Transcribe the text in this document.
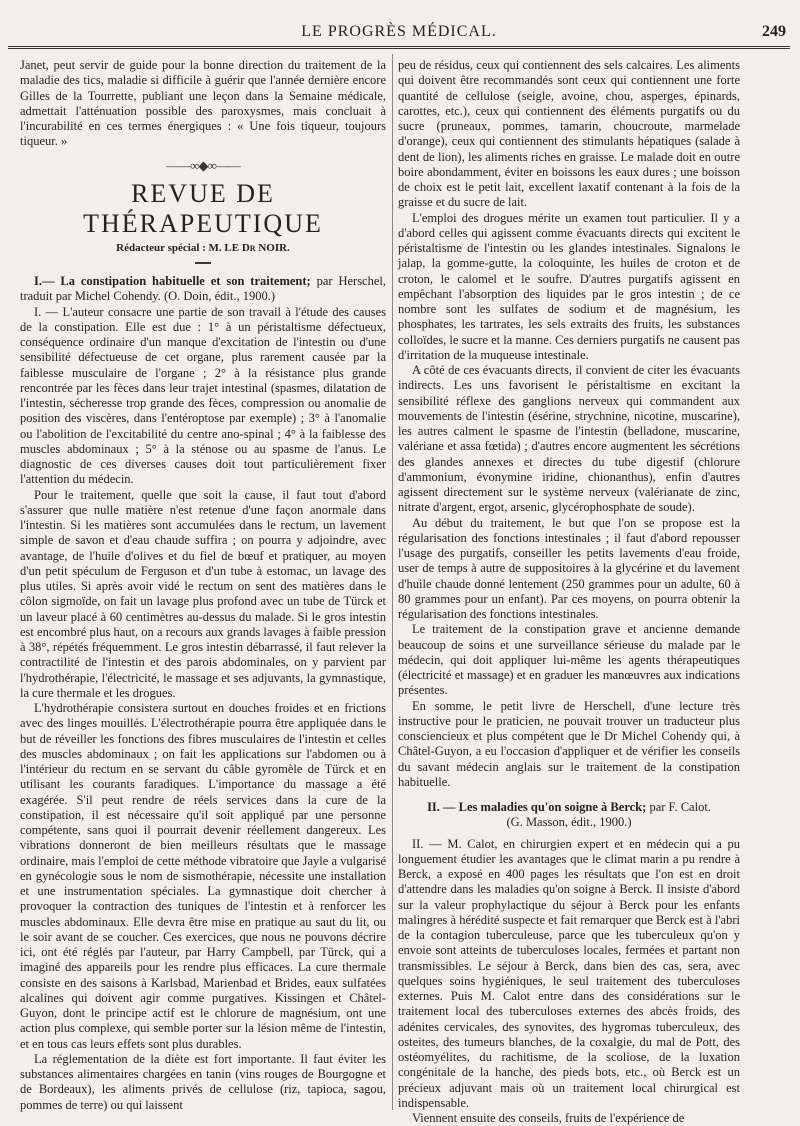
LE PROGRÈS MÉDICAL.	249

Janet, peut servir de guide pour la bonne direction du traitement de la maladie des tics, maladie si difficile à guérir que l'année dernière encore Gilles de la Tourrette, publiant une leçon dans la Semaine médicale, admettait l'atténuation possible des paroxysmes, mais concluait à l'incurabilité en ces termes énergiques : « Une fois tiqueur, toujours tiqueur. »

——∞◆∞——
REVUE DE THÉRAPEUTIQUE
Rédacteur spécial : M. LE Dr NOIR.

I.— La constipation habituelle et son traitement; par Herschel, traduit par Michel Cohendy. (O. Doin, édit., 1900.)

I. — L'auteur consacre une partie de son travail à l'étude des causes de la constipation. Elle est due : 1° à un péristaltisme défectueux, conséquence ordinaire d'un manque d'excitation de l'intestin ou d'une sensibilité défectueuse de cet organe, plus rarement causée par la faiblesse musculaire de l'organe ; 2° à la résistance plus grande rencontrée par les fèces dans leur trajet intestinal (spasmes, dilatation de l'intestin, sécheresse trop grande des fèces, compression ou anomalie de position des viscères, dans l'entéroptose par exemple) ; 3° à l'anomalie ou l'abolition de l'excitabilité du centre ano-spinal ; 4° à la faiblesse des muscles abdominaux ; 5° à la sténose ou au spasme de l'anus. Le diagnostic de ces diverses causes doit tout particulièrement fixer l'attention du médecin.

Pour le traitement, quelle que soit la cause, il faut tout d'abord s'assurer que nulle matière n'est retenue d'une façon anormale dans l'intestin. Si les matières sont accumulées dans le rectum, un lavement simple de savon et d'eau chaude suffira ; on pourra y adjoindre, avec avantage, de l'huile d'olives et du fiel de bœuf et pratiquer, au moyen d'un petit spéculum de Ferguson et d'un tube à estomac, un lavage des plus utiles. Si après avoir vidé le rectum on sent des matières dans le côlon sigmoïde, on fait un lavage plus profond avec un tube de Türck et un laveur placé à 60 centimètres au-dessus du malade. Si le gros intestin est encombré plus haut, on a recours aux grands lavages à faible pression à 38°, répétés fréquemment. Le gros intestin débarrassé, il faut relever la contractilité de l'intestin et des parois abdominales, on y parvient par l'hydrothérapie, l'électricité, le massage et ses adjuvants, la gymnastique, la cure thermale et les drogues.

L'hydrothérapie consistera surtout en douches froides et en frictions avec des linges mouillés. L'électrothérapie pourra être appliquée dans le but de réveiller les fonctions des fibres musculaires de l'intestin et celles des muscles abdominaux ; on fait les applications sur l'abdomen ou à l'intérieur du rectum en se servant du câble gyromèle de Türck et en utilisant les courants faradiques. L'importance du massage a été exagérée. S'il peut rendre de réels services dans la cure de la constipation, il est nécessaire qu'il soit appliqué par une personne compétente, sans quoi il pourrait devenir réellement dangereux. Les vibrations donneront de bien meilleurs résultats que le massage ordinaire, mais l'emploi de cette méthode vibratoire que Jayle a vulgarisé en gynécologie sous le nom de sismothérapie, nécessite une installation et une instrumentation spéciales. La gymnastique doit chercher à provoquer la contraction des tuniques de l'intestin et à renforcer les muscles abdominaux. Elle devra être mise en pratique au saut du lit, ou le soir avant de se coucher. Ces exercices, que nous ne pouvons décrire ici, ont été réglés par l'auteur, par Harry Campbell, par Türck, qui a imaginé des appareils pour les rendre plus efficaces. La cure thermale consiste en des saisons à Karlsbad, Marienbad et Brides, eaux sulfatées alcalines qui doivent agir comme purgatives. Kissingen et Châtel-Guyon, dont le principe actif est le chlorure de magnésium, ont une action plus complexe, qui semble porter sur la lésion même de l'intestin, et en tous cas leurs effets sont plus durables.

La réglementation de la diète est fort importante. Il faut éviter les substances alimentaires chargées en tanin (vins rouges de Bourgogne et de Bordeaux), les aliments privés de cellulose (riz, tapioca, sagou, pommes de terre) ou qui laissent

peu de résidus, ceux qui contiennent des sels calcaires. Les aliments qui doivent être recommandés sont ceux qui contiennent une forte quantité de cellulose (seigle, avoine, chou, asperges, épinards, carottes, etc.), ceux qui contiennent des éléments purgatifs ou du sucre (pruneaux, pommes, tamarin, choucroute, marmelade d'orange), ceux qui contiennent des stimulants hépatiques (salade à dent de lion), les aliments riches en graisse. Le malade doit en outre boire abondamment, éviter en boissons les eaux dures ; une boisson de choix est le petit lait, excellent laxatif contenant à la fois de la graisse et du sucre de lait.

L'emploi des drogues mérite un examen tout particulier. Il y a d'abord celles qui agissent comme évacuants directs qui excitent le péristaltisme de l'intestin ou les glandes intestinales. Signalons le jalap, la gomme-gutte, la coloquinte, les huiles de croton et de croton, le calomel et le soufre. D'autres purgatifs agissent en empêchant l'absorption des liquides par le gros intestin ; de ce nombre sont les sulfates de sodium et de magnésium, les phosphates, les tartrates, les sels extraits des fruits, les substances colloïdes, le sucre et la manne. Ces derniers purgatifs ne causent pas d'irritation de la muqueuse intestinale.

A côté de ces évacuants directs, il convient de citer les évacuants indirects. Les uns favorisent le péristaltisme en excitant la sensibilité réflexe des ganglions nerveux qui commandent aux mouvements de l'intestin (ésérine, strychnine, nicotine, muscarine), les autres calment le spasme de l'intestin (belladone, muscarine, valériane et assa fœtida) ; d'autres encore augmentent les sécrétions des glandes annexes et directes du tube digestif (chlorure d'ammonium, évonymine iridine, chionanthus), enfin d'autres agissent directement sur le système nerveux (valérianate de zinc, nitrate d'argent, ergot, arsenic, glycérophosphate de soude).

Au début du traitement, le but que l'on se propose est la régularisation des fonctions intestinales ; il faut d'abord repousser l'usage des purgatifs, conseiller les petits lavements d'eau froide, user de temps à autre de suppositoires à la glycérine et du lavement d'huile chaude donné lentement (250 grammes pour un adulte, 60 à 80 grammes pour un enfant). Par ces moyens, on pourra obtenir la régularisation des fonctions intestinales.

Le traitement de la constipation grave et ancienne demande beaucoup de soins et une surveillance sérieuse du malade par le médecin, qui doit appliquer lui-même les agents thérapeutiques (électricité et massage) et en graduer les manœuvres aux indications présentes.

En somme, le petit livre de Herschell, d'une lecture très instructive pour le praticien, ne pouvait trouver un traducteur plus consciencieux et plus compétent que le Dr Michel Cohendy qui, à Châtel-Guyon, a eu l'occasion d'appliquer et de vérifier les conseils du savant médecin anglais sur le traitement de la constipation habituelle.

II. — Les maladies qu'on soigne à Berck; par F. Calot.
(G. Masson, édit., 1900.)

II. — M. Calot, en chirurgien expert et en médecin qui a pu longuement étudier les avantages que le climat marin a pu rendre à Berck, a exposé en 400 pages les résultats que l'on est en droit d'attendre dans les maladies qu'on soigne à Berck. Il insiste d'abord sur la valeur prophylactique du séjour à Berck pour les enfants malingres à hérédité suspecte et fait remarquer que Berck est à l'abri de la contagion tuberculeuse, parce que les tuberculeux qu'on y envoie sont atteints de tuberculoses locales, fermées et partant non transmissibles. Le séjour à Berck, dans bien des cas, sera, avec quelques soins hygiéniques, le seul traitement des tuberculoses externes. Puis M. Calot entre dans des considérations sur le traitement local des tuberculoses externes des abcès froids, des adénites cervicales, des synovites, des hygromas tuberculeux, des osteites, des tumeurs blanches, de la coxalgie, du mal de Pott, des ostéomyélites, du rachitisme, de la scoliose, de la luxation congénitale de la hanche, des pieds bots, etc., où Berck est un précieux adjuvant mais où un traitement local chirurgical est indispensable.

Viennent ensuite des conseils, fruits de l'expérience de
